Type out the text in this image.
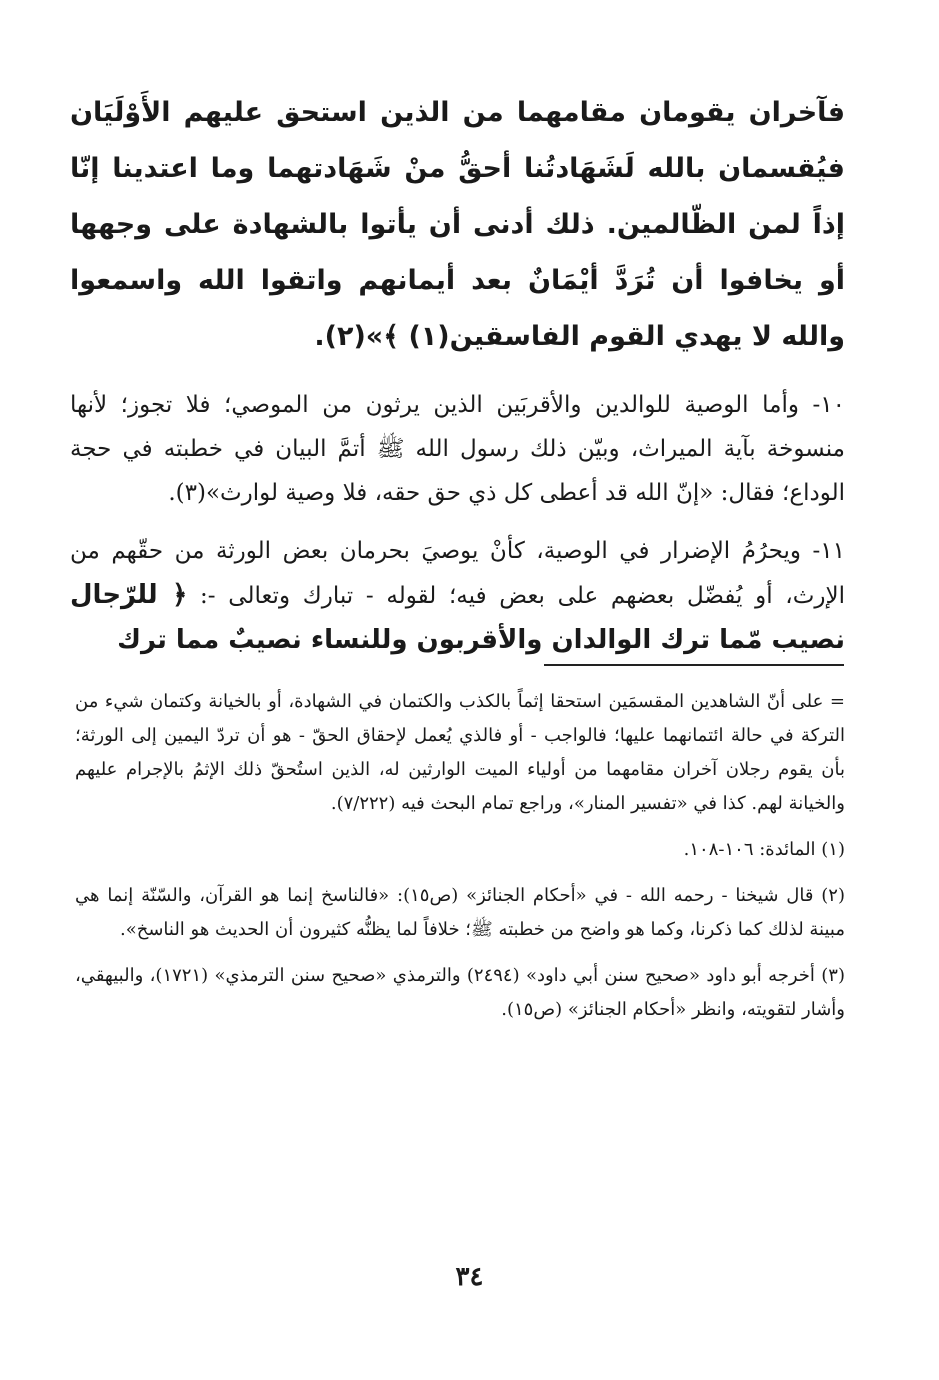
فآخران يقومان مقامهما من الذين استحق عليهم الأَوْلَيَان فيُقسمان بالله لَشَهَادتُنا أحقُّ منْ شَهَادتهما وما اعتدينا إنّا إذاً لمن الظّالمين. ذلك أدنى أن يأتوا بالشهادة على وجهها أو يخافوا أن تُرَدَّ أيْمَانٌ بعد أيمانهم واتقوا الله واسمعوا والله لا يهدي القوم الفاسقين(١) ﴾»(٢).
١٠- وأما الوصية للوالدين والأقربَين الذين يرثون من الموصي؛ فلا تجوز؛ لأنها منسوخة بآية الميراث، وبيّن ذلك رسول الله ﷺ أتمَّ البيان في خطبته في حجة الوداع؛ فقال: «إنّ الله قد أعطى كل ذي حق حقه، فلا وصية لوارث»(٣).
١١- ويحرُمُ الإضرار في الوصية، كأنْ يوصيَ بحرمان بعض الورثة من حقّهم من الإرث، أو يُفضّل بعضهم على بعض فيه؛ لقوله - تبارك وتعالى -: ﴿ للرّجال نصيب مّما ترك الوالدان والأقربون وللنساء نصيبٌ مما ترك
= على أنّ الشاهدين المقسمَين استحقا إثماً بالكذب والكتمان في الشهادة، أو بالخيانة وكتمان شيء من التركة في حالة ائتمانهما عليها؛ فالواجب - أو فالذي يُعمل لإحقاق الحقّ - هو أن تردّ اليمين إلى الورثة؛ بأن يقوم رجلان آخران مقامهما من أولياء الميت الوارثين له، الذين استُحقّ ذلك الإثمُ بالإجرام عليهم والخيانة لهم. كذا في «تفسير المنار»، وراجع تمام البحث فيه (٧/٢٢٢).
(١) المائدة: ١٠٦-١٠٨.
(٢) قال شيخنا - رحمه الله - في «أحكام الجنائز» (ص١٥): «فالناسخ إنما هو القرآن، والسّنّة إنما هي مبينة لذلك كما ذكرنا، وكما هو واضح من خطبته ﷺ؛ خلافاً لما يظنُّه كثيرون أن الحديث هو الناسخ».
(٣) أخرجه أبو داود «صحيح سنن أبي داود» (٢٤٩٤) والترمذي «صحيح سنن الترمذي» (١٧٢١)، والبيهقي، وأشار لتقويته، وانظر «أحكام الجنائز» (ص١٥).
٣٤
